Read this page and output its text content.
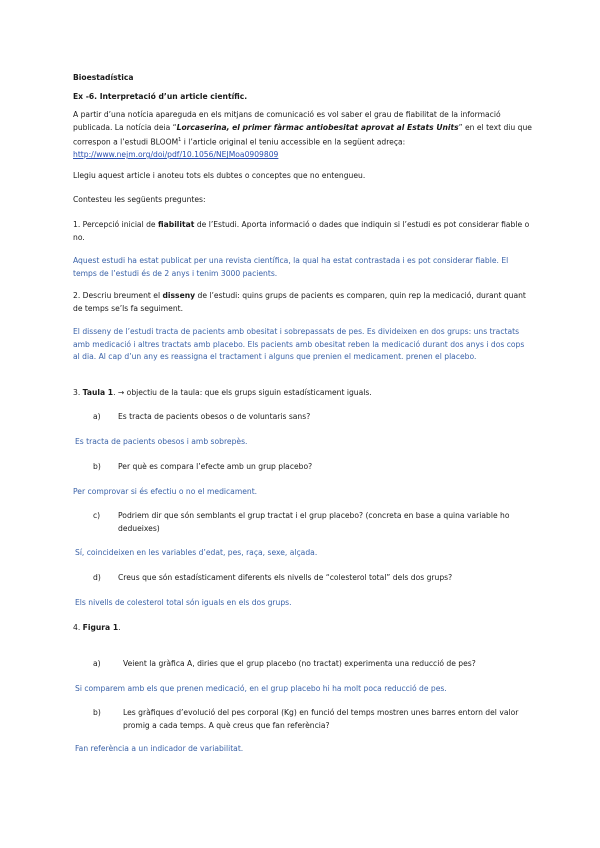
Bioestadística

Ex -6. Interpretació d’un article científic.

A partir d’una notícia apareguda en els mitjans de comunicació es vol saber el grau de fiabilitat de la informació publicada. La notícia deia “Lorcaserina, el primer fàrmac antiobesitat aprovat al Estats Units” en el text diu que correspon a l’estudi BLOOM$^1$ i l’article original el teniu accessible en la següent adreça:
http://www.nejm.org/doi/pdf/10.1056/NEJMoa0909809

Llegiu aquest article i anoteu tots els dubtes o conceptes que no entengueu.

Contesteu les següents preguntes:

1. Percepció inicial de fiabilitat de l’Estudi. Aporta informació o dades que indiquin si l’estudi es pot considerar fiable o no.

Aquest estudi ha estat publicat per una revista científica, la qual ha estat contrastada i es pot considerar fiable. El temps de l’estudi és de 2 anys i tenim 3000 pacients.

2. Descriu breument el disseny de l’estudi: quins grups de pacients es comparen, quin rep la medicació, durant quant de temps se’ls fa seguiment.

El disseny de l’estudi tracta de pacients amb obesitat i sobrepassats de pes. Es divideixen en dos grups: uns tractats amb medicació i altres tractats amb placebo. Els pacients amb obesitat reben la medicació durant dos anys i dos cops al dia. Al cap d’un any es reassigna el tractament i alguns que prenien el medicament. prenen el placebo.

3. Taula 1. → objectiu de la taula: que els grups siguin estadísticament iguals.

a) Es tracta de pacients obesos o de voluntaris sans?

Es tracta de pacients obesos i amb sobrepès.

b) Per què es compara l’efecte amb un grup placebo?

Per comprovar si és efectiu o no el medicament.

c) Podriem dir que són semblants el grup tractat i el grup placebo? (concreta en base a quina variable ho dedueixes)

Sí, coincideixen en les variables d’edat, pes, raça, sexe, alçada.

d) Creus que són estadísticament diferents els nivells de “colesterol total” dels dos grups?

Els nivells de colesterol total són iguals en els dos grups.

4. Figura 1.

a)	Veient la gràfica A, diries que el grup placebo (no tractat) experimenta una reducció de pes?

Si comparem amb els que prenen medicació, en el grup placebo hi ha molt poca reducció de pes.

b)	Les gràfiques d’evolució del pes corporal (Kg) en funció del temps mostren unes barres entorn del valor promig a cada temps. A què creus que fan referència?

Fan referència a un indicador de variabilitat.
